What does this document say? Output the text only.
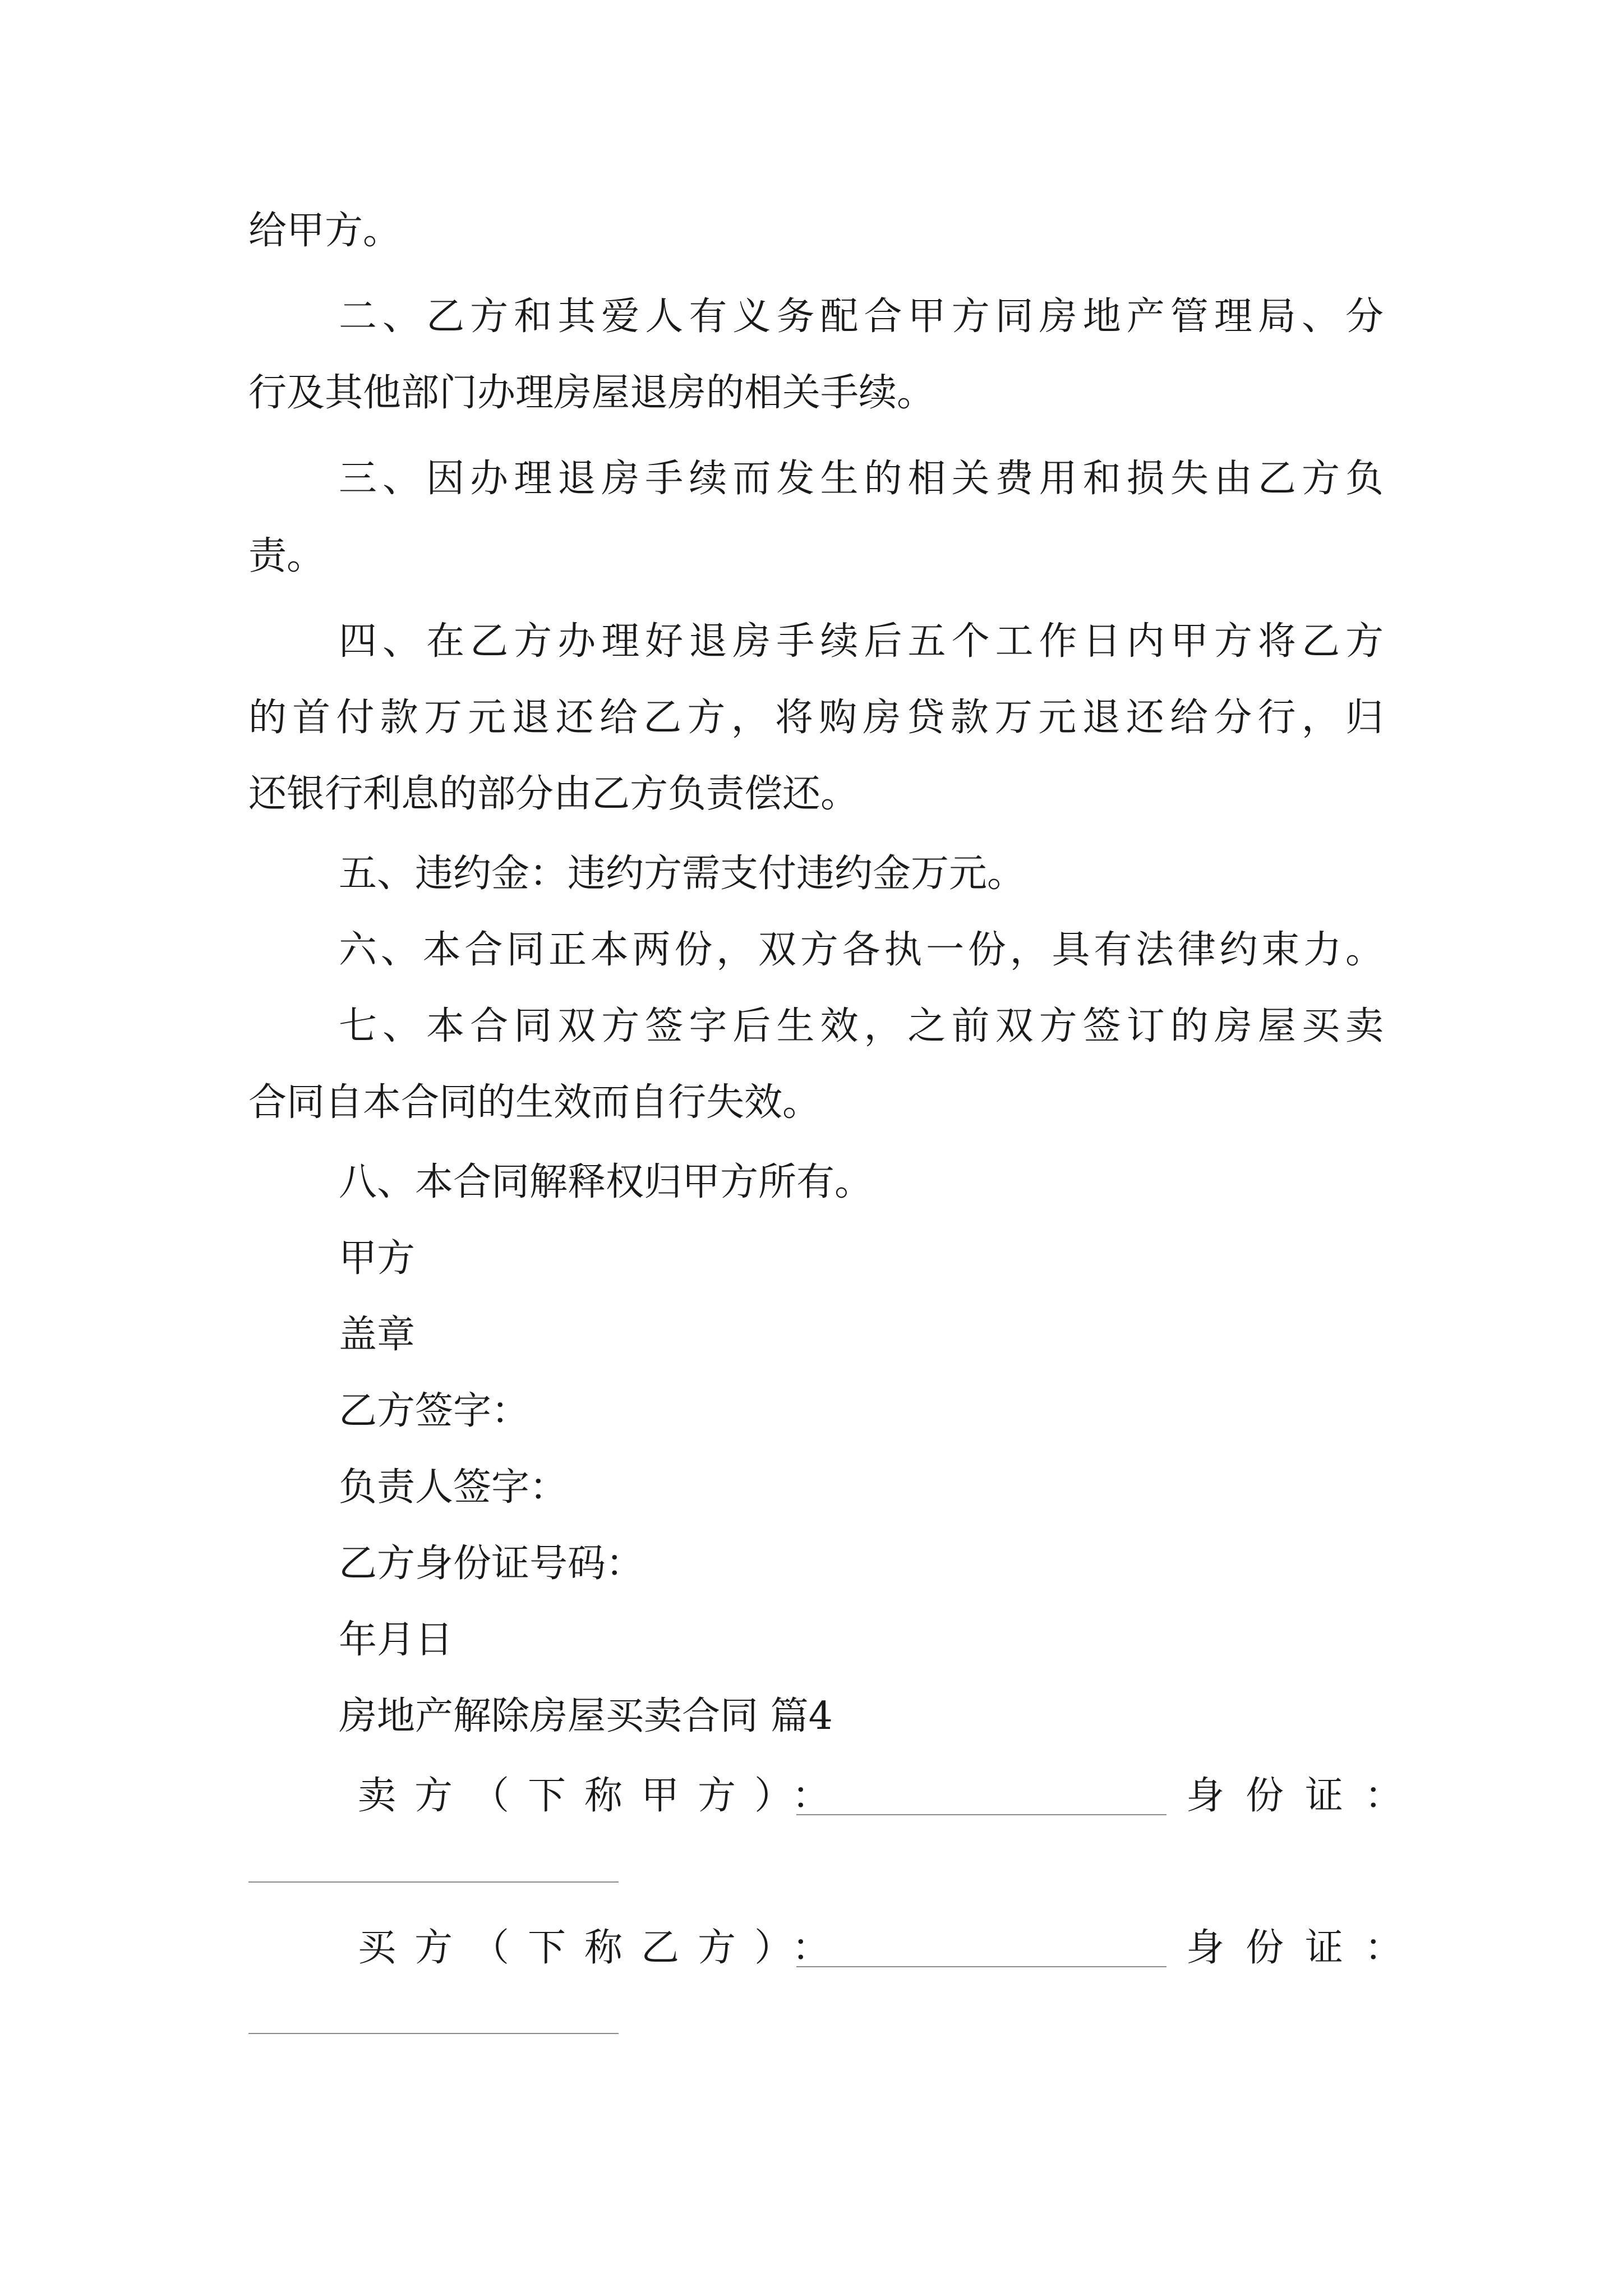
给甲方。
二、乙方和其爱人有义务配合甲方同房地产管理局、分
行及其他部门办理房屋退房的相关手续。
三、因办理退房手续而发生的相关费用和损失由乙方负
责。
四、在乙方办理好退房手续后五个工作日内甲方将乙方
的首付款万元退还给乙方，将购房贷款万元退还给分行，归
还银行利息的部分由乙方负责偿还。
五、违约金：违约方需支付违约金万元。
六、本合同正本两份，双方各执一份，具有法律约束力。
七、本合同双方签字后生效，之前双方签订的房屋买卖
合同自本合同的生效而自行失效。
八、本合同解释权归甲方所有。
甲方
盖章
乙方签字：
负责人签字：
乙方身份证号码：
年月日
房地产解除房屋买卖合同 篇4
卖方（下称甲方）：	身份证：
买方（下称乙方）：	身份证：
